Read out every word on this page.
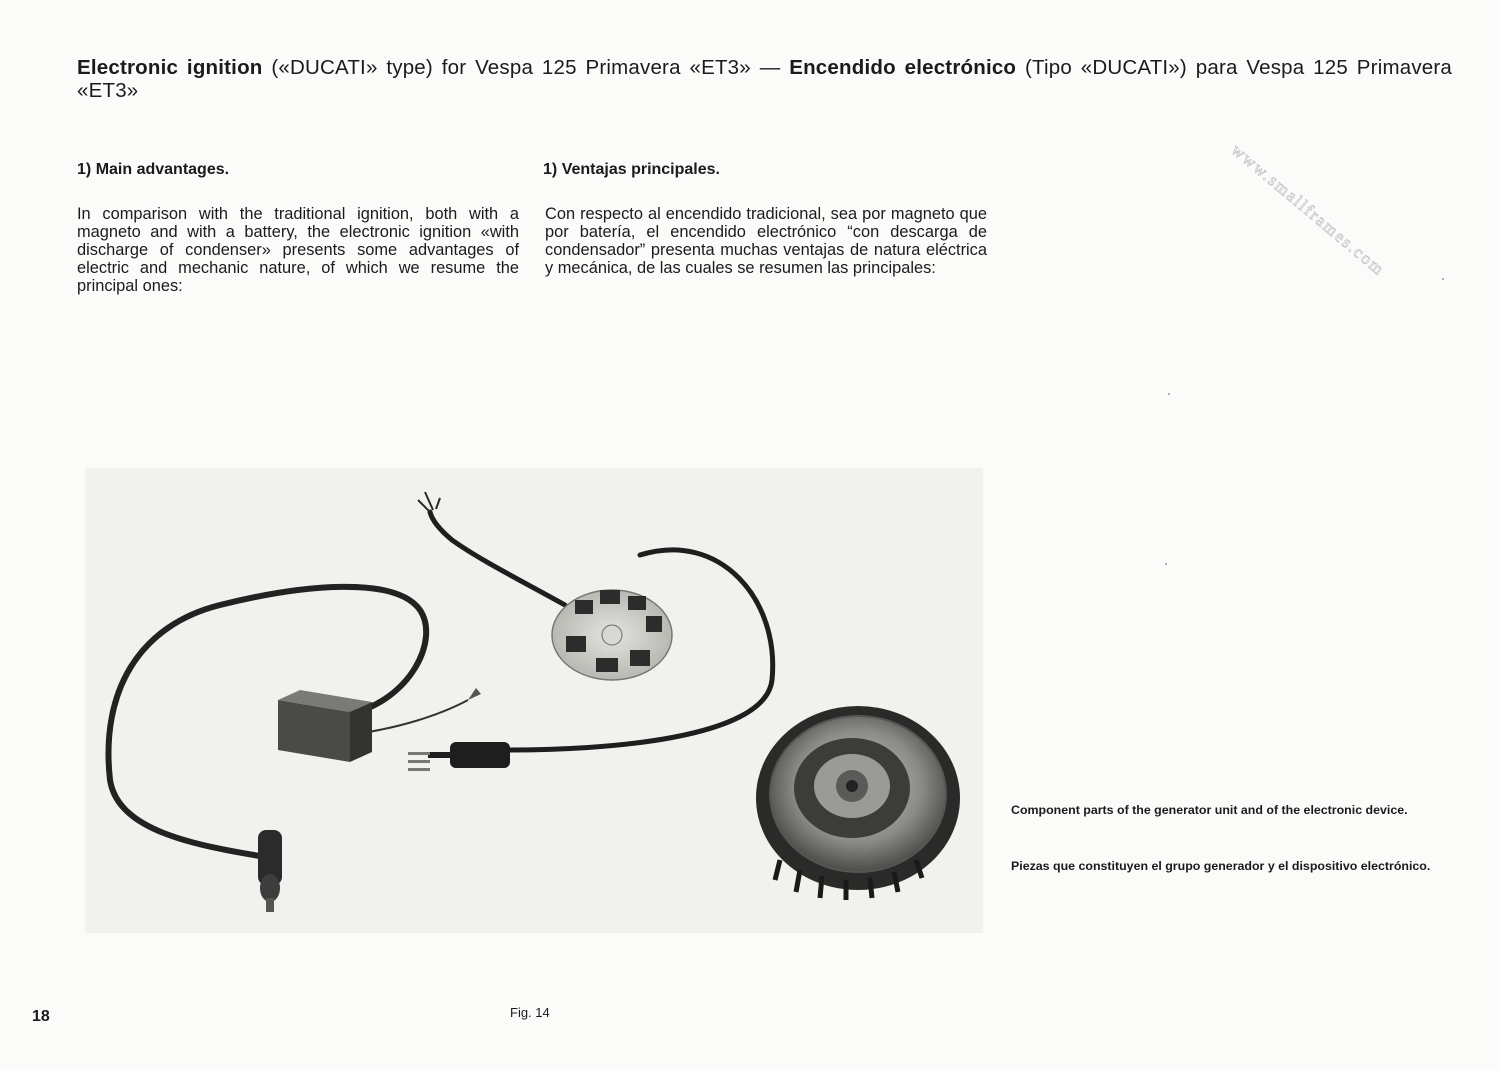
Electronic ignition («DUCATI» type) for Vespa 125 Primavera «ET3» — Encendido electrónico (Tipo «DUCATI») para Vespa 125 Primavera «ET3»
1) Main advantages.	1) Ventajas principales.

In comparison with the traditional ignition, both with a magneto and with a battery, the electronic ignition «with discharge of condenser» presents some advantages of electric and mechanic nature, of which we resume the principal ones:

Con respecto al encendido tradicional, sea por magneto que por batería, el encendido electrónico “con descarga de condensador” presenta muchas ventajas de natura eléctrica y mecánica, de las cuales se resumen las principales:	www.smallframes.com

Component parts of the generator unit and of the electronic device.

Piezas que constituyen el grupo generador y el dispositivo electrónico.

Fig. 14
18
